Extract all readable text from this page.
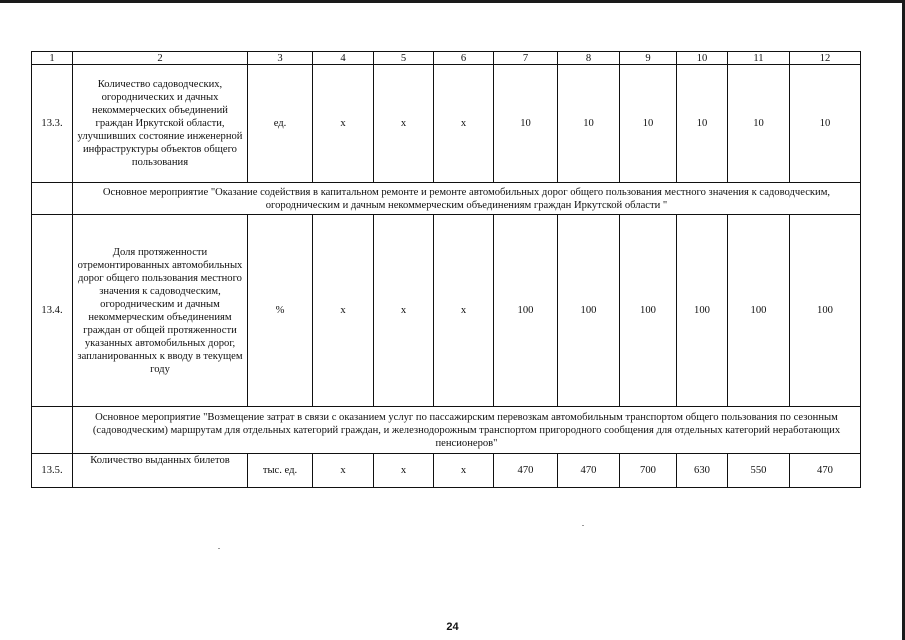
1	2	3	4	5	6	7	8	9	10	11	12
13.3.	Количество садоводческих, огороднических и дачных некоммерческих объединений граждан Иркутской области, улучшивших состояние инженерной инфраструктуры объектов общего пользования	ед.	x	x	x	10	10	10	10	10	10
	Основное мероприятие "Оказание содействия в капитальном ремонте и ремонте автомобильных дорог общего пользования местного значения к садоводческим, огородническим и дачным некоммерческим объединениям граждан Иркутской области "										
13.4.	Доля протяженности отремонтированных автомобильных дорог общего пользования местного значения к садоводческим, огородническим и дачным некоммерческим объединениям граждан от общей протяженности указанных автомобильных дорог, запланированных к вводу в текущем году	%	x	x	x	100	100	100	100	100	100
	Основное мероприятие "Возмещение затрат в связи с оказанием услуг по пассажирским перевозкам автомобильным транспортом общего пользования по сезонным (садоводческим) маршрутам для отдельных категорий граждан, и железнодорожным транспортом пригородного сообщения для отдельных категорий неработающих пенсионеров"										
13.5.	Количество выданных билетов	тыс. ед.	x	x	x	470	470	700	630	550	470
24
